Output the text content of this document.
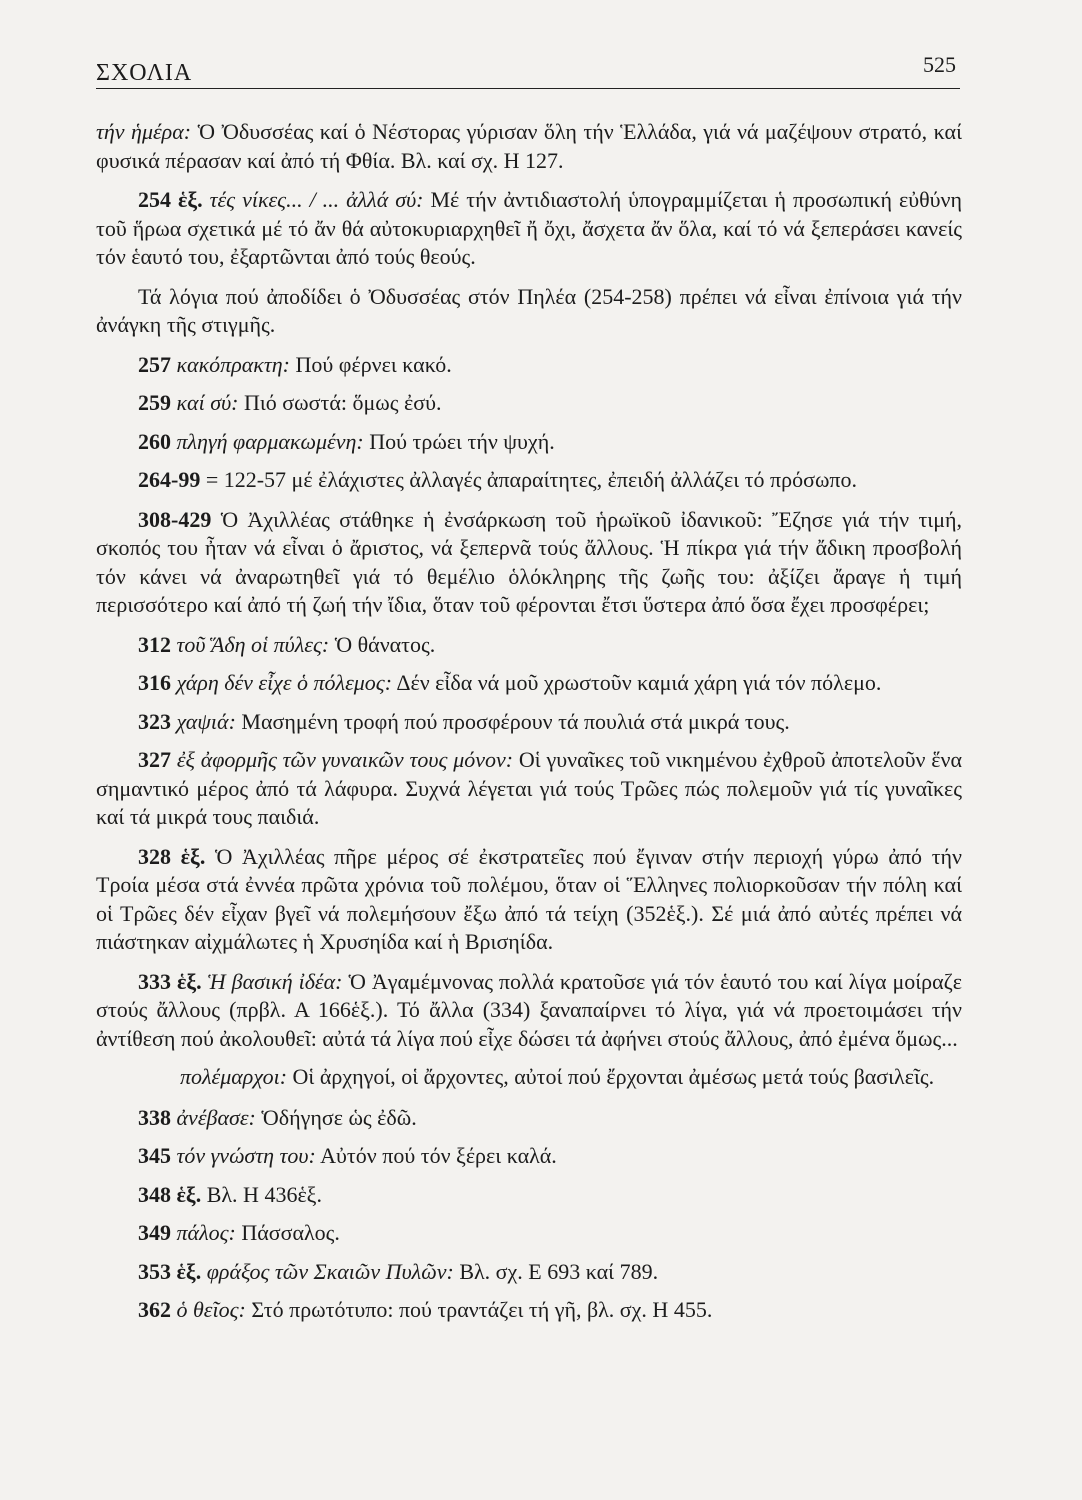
ΣΧΟΛΙΑ	525

τήν ἡμέρα: Ὁ Ὀδυσσέας καί ὁ Νέστορας γύρισαν ὅλη τήν Ἑλλάδα, γιά νά μαζέψουν στρατό, καί φυσικά πέρασαν καί ἀπό τή Φθία. Βλ. καί σχ. Η 127.

254 ἑξ. τές νίκες... / ... ἀλλά σύ: Μέ τήν ἀντιδιαστολή ὑπογραμμίζεται ἡ προσωπική εὐθύνη τοῦ ἥρωα σχετικά μέ τό ἄν θά αὐτοκυριαρχηθεῖ ἤ ὄχι, ἄσχετα ἄν ὅλα, καί τό νά ξεπεράσει κανείς τόν ἑαυτό του, ἐξαρτῶνται ἀπό τούς θεούς.

Τά λόγια πού ἀποδίδει ὁ Ὀδυσσέας στόν Πηλέα (254-258) πρέπει νά εἶναι ἐπίνοια γιά τήν ἀνάγκη τῆς στιγμῆς.

257 κακόπρακτη: Πού φέρνει κακό.

259 καί σύ: Πιό σωστά: ὅμως ἐσύ.

260 πληγή φαρμακωμένη: Πού τρώει τήν ψυχή.

264-99 = 122-57 μέ ἐλάχιστες ἀλλαγές ἀπαραίτητες, ἐπειδή ἀλλάζει τό πρόσωπο.

308-429 Ὁ Ἀχιλλέας στάθηκε ἡ ἐνσάρκωση τοῦ ἡρωϊκοῦ ἰδανικοῦ: Ἔζησε γιά τήν τιμή, σκοπός του ἦταν νά εἶναι ὁ ἄριστος, νά ξεπερνᾶ τούς ἄλλους. Ἡ πίκρα γιά τήν ἄδικη προσβολή τόν κάνει νά ἀναρωτηθεῖ γιά τό θεμέλιο ὁλόκληρης τῆς ζωῆς του: ἀξίζει ἄραγε ἡ τιμή περισσότερο καί ἀπό τή ζωή τήν ἴδια, ὅταν τοῦ φέρονται ἔτσι ὕστερα ἀπό ὅσα ἔχει προσφέρει;

312 τοῦ Ἅδη οἱ πύλες: Ὁ θάνατος.

316 χάρη δέν εἶχε ὁ πόλεμος: Δέν εἶδα νά μοῦ χρωστοῦν καμιά χάρη γιά τόν πόλεμο.

323 χαψιά: Μασημένη τροφή πού προσφέρουν τά πουλιά στά μικρά τους.

327 ἐξ ἀφορμῆς τῶν γυναικῶν τους μόνον: Οἱ γυναῖκες τοῦ νικημένου ἐχθροῦ ἀποτελοῦν ἕνα σημαντικό μέρος ἀπό τά λάφυρα. Συχνά λέγεται γιά τούς Τρῶες πώς πολεμοῦν γιά τίς γυναῖκες καί τά μικρά τους παιδιά.

328 ἑξ. Ὁ Ἀχιλλέας πῆρε μέρος σέ ἐκστρατεῖες πού ἔγιναν στήν περιοχή γύρω ἀπό τήν Τροία μέσα στά ἐννέα πρῶτα χρόνια τοῦ πολέμου, ὅταν οἱ Ἕλληνες πολιορκοῦσαν τήν πόλη καί οἱ Τρῶες δέν εἶχαν βγεῖ νά πολεμήσουν ἔξω ἀπό τά τείχη (352ἑξ.). Σέ μιά ἀπό αὐτές πρέπει νά πιάστηκαν αἰχμάλωτες ἡ Χρυσηίδα καί ἡ Βρισηίδα.

333 ἑξ. Ἡ βασική ἰδέα: Ὁ Ἀγαμέμνονας πολλά κρατοῦσε γιά τόν ἑαυτό του καί λίγα μοίραζε στούς ἄλλους (πρβλ. Α 166ἑξ.). Τό ἄλλα (334) ξαναπαίρνει τό λίγα, γιά νά προετοιμάσει τήν ἀντίθεση πού ἀκολουθεῖ: αὐτά τά λίγα πού εἶχε δώσει τά ἀφήνει στούς ἄλλους, ἀπό ἐμένα ὅμως...

πολέμαρχοι: Οἱ ἀρχηγοί, οἱ ἄρχοντες, αὐτοί πού ἔρχονται ἀμέσως μετά τούς βασιλεῖς.

338 ἀνέβασε: Ὁδήγησε ὡς ἐδῶ.

345 τόν γνώστη του: Αὐτόν πού τόν ξέρει καλά.

348 ἑξ. Βλ. Η 436ἑξ.

349 πάλος: Πάσσαλος.

353 ἑξ. φράξος τῶν Σκαιῶν Πυλῶν: Βλ. σχ. Ε 693 καί 789.

362 ὁ θεῖος: Στό πρωτότυπο: πού τραντάζει τή γῆ, βλ. σχ. Η 455.
